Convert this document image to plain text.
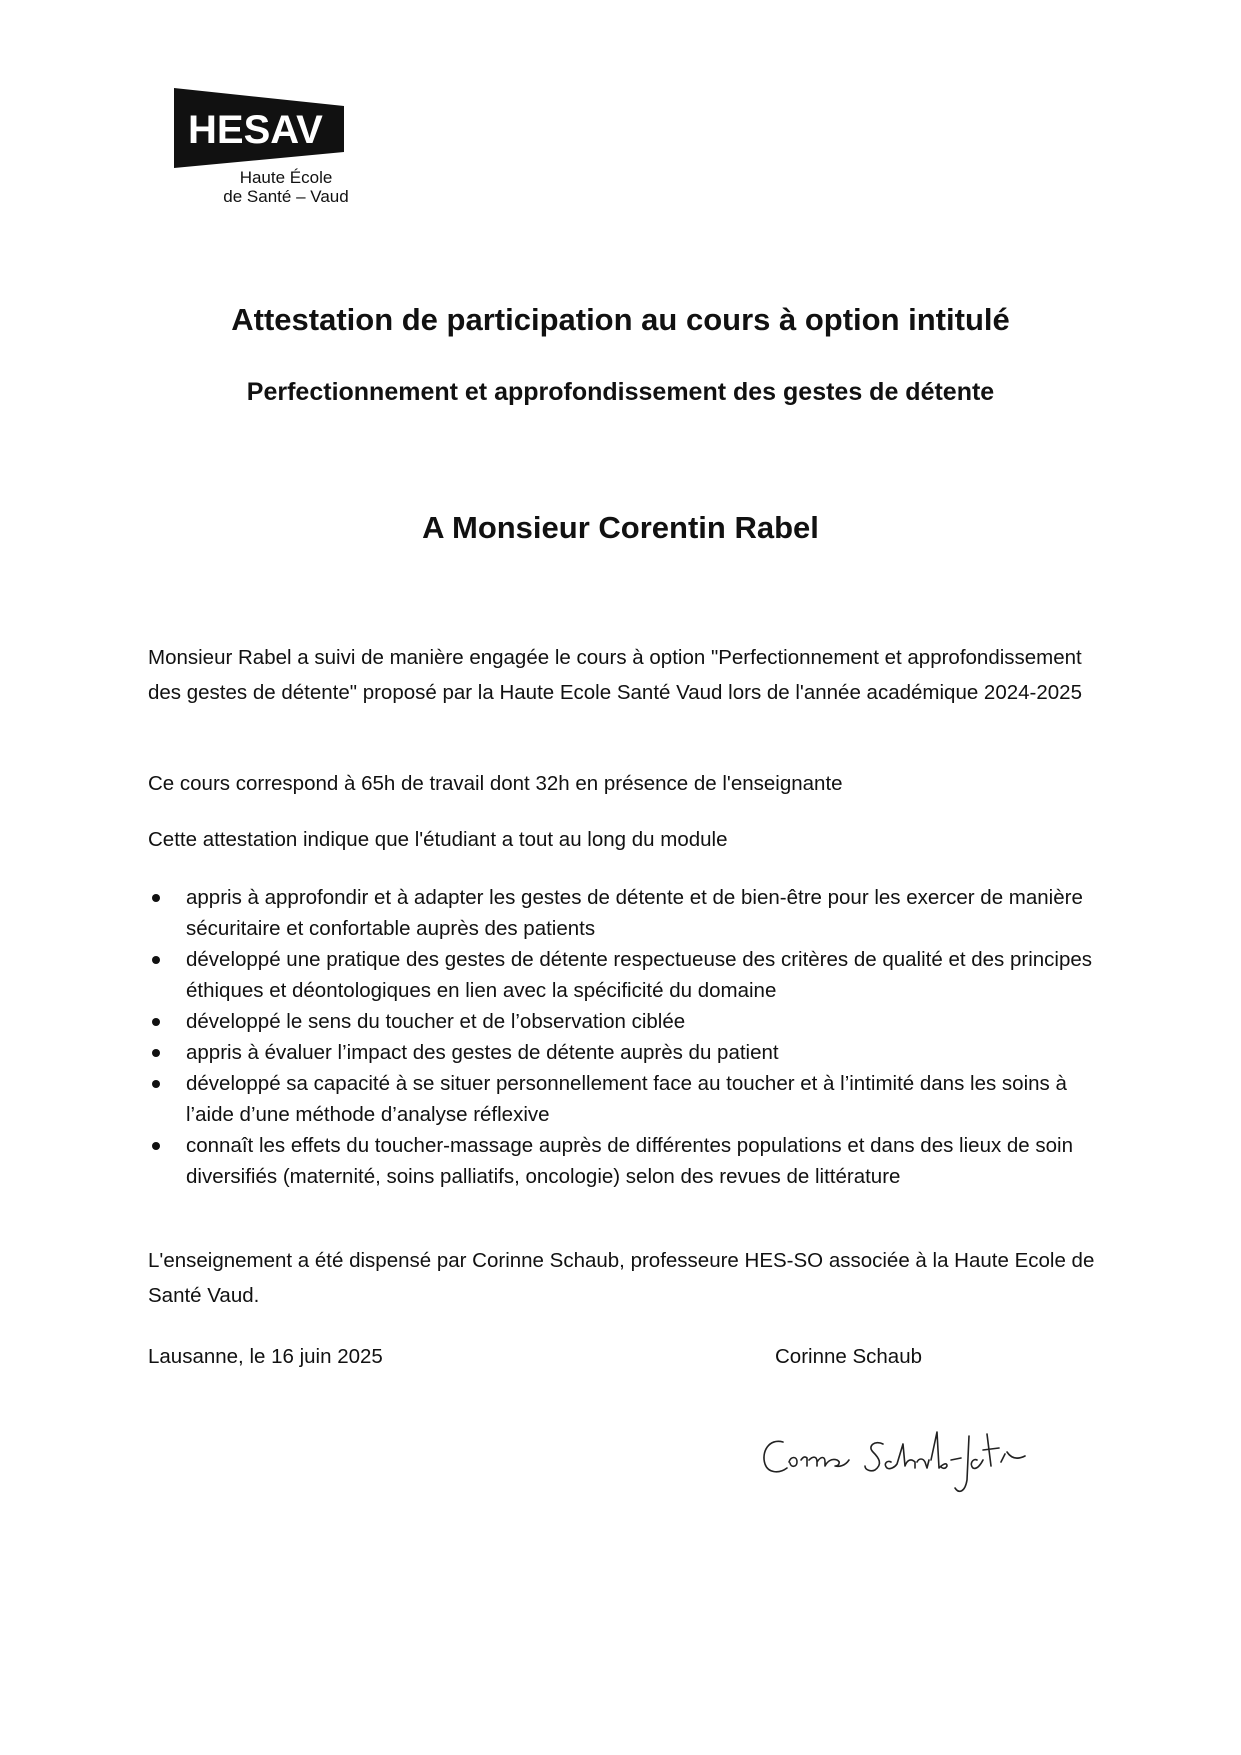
HESAV
Haute École
de Santé – Vaud
Attestation de participation au cours à option intitulé
Perfectionnement et approfondissement des gestes de détente
A Monsieur Corentin Rabel

Monsieur Rabel a suivi de manière engagée le cours à option "Perfectionnement et approfondissement des gestes de détente" proposé par la Haute Ecole Santé Vaud lors de l'année académique 2024-2025

Ce cours correspond à 65h de travail dont 32h en présence de l'enseignante

Cette attestation indique que l'étudiant a tout au long du module

appris à approfondir et à adapter les gestes de détente et de bien-être pour les exercer de manière sécuritaire et confortable auprès des patients
développé une pratique des gestes de détente respectueuse des critères de qualité et des principes éthiques et déontologiques en lien avec la spécificité du domaine
développé le sens du toucher et de l’observation ciblée
appris à évaluer l’impact des gestes de détente auprès du patient
développé sa capacité à se situer personnellement face au toucher et à l’intimité dans les soins à l’aide d’une méthode d’analyse réflexive
connaît les effets du toucher-massage auprès de différentes populations et dans des lieux de soin diversifiés (maternité, soins palliatifs, oncologie) selon des revues de littérature

L'enseignement a été dispensé par Corinne Schaub, professeure HES-SO associée à la Haute Ecole de Santé Vaud.

Lausanne, le 16 juin 2025	Corinne Schaub
